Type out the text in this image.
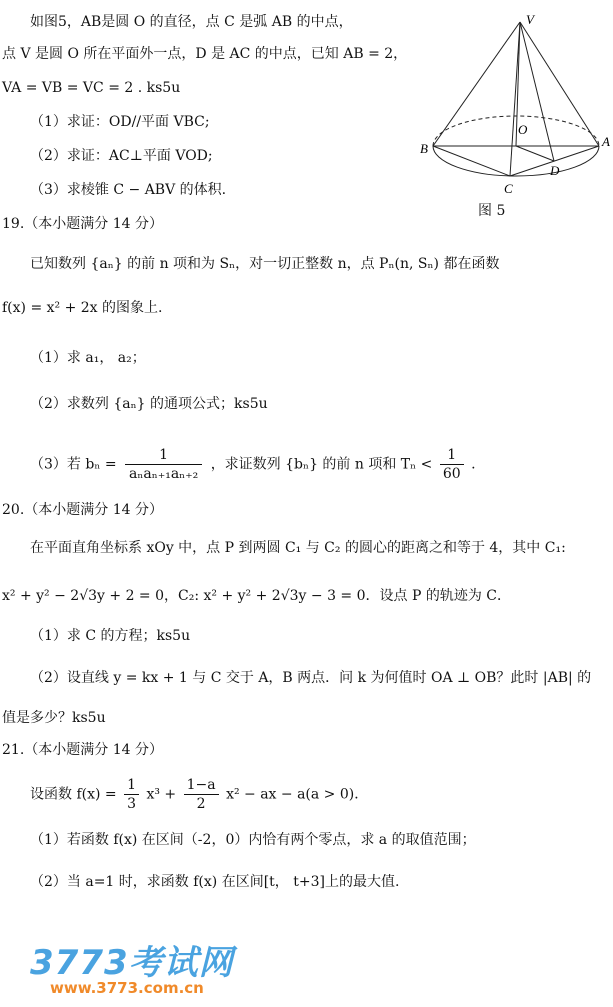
如图5，AB是圆 O 的直径，点 C 是弧 AB 的中点，
点 V 是圆 O 所在平面外一点，D 是 AC 的中点，已知 AB = 2，
VA = VB = VC = 2 . ks5u
（1）求证：OD//平面 VBC;
（2）求证：AC⊥平面 VOD;
（3）求棱锥 C − ABV 的体积.
V
O
A
B
C
D
图 5
19.（本小题满分 14 分）
已知数列 {aₙ} 的前 n 项和为 Sₙ，对一切正整数 n，点 Pₙ(n, Sₙ) 都在函数
f(x) = x² + 2x 的图象上.
（1）求 a₁， a₂；
（2）求数列 {aₙ} 的通项公式；ks5u
（3）若 bₙ =
1
aₙaₙ₊₁aₙ₊₂
，求证数列 {bₙ} 的前 n 项和 $T_n < \frac{1}{60}$ .
20.（本小题满分 14 分）
在平面直角坐标系 xOy 中，点 P 到两圆 C₁ 与 C₂ 的圆心的距离之和等于 4，其中 C₁:
x² + y² − 2√3y + 2 = 0，C₂: x² + y² + 2√3y − 3 = 0．设点 P 的轨迹为 C．
（1）求 C 的方程；ks5u
（2）设直线 y = kx + 1 与 C 交于 A，B 两点．问 k 为何值时 OA ⊥ OB？此时 |AB| 的
值是多少？ks5u
21.（本小题满分 14 分）
设函数 $f(x) = \frac{1}{3} x^3 + \frac{1-a}{2} x^2$ − ax − a(a > 0)．
（1）若函数 f(x) 在区间（-2，0）内恰有两个零点，求 a 的取值范围；
（2）当 a=1 时，求函数 f(x) 在区间[t， t+3]上的最大值.
3773考试网
www.3773.com.cn
